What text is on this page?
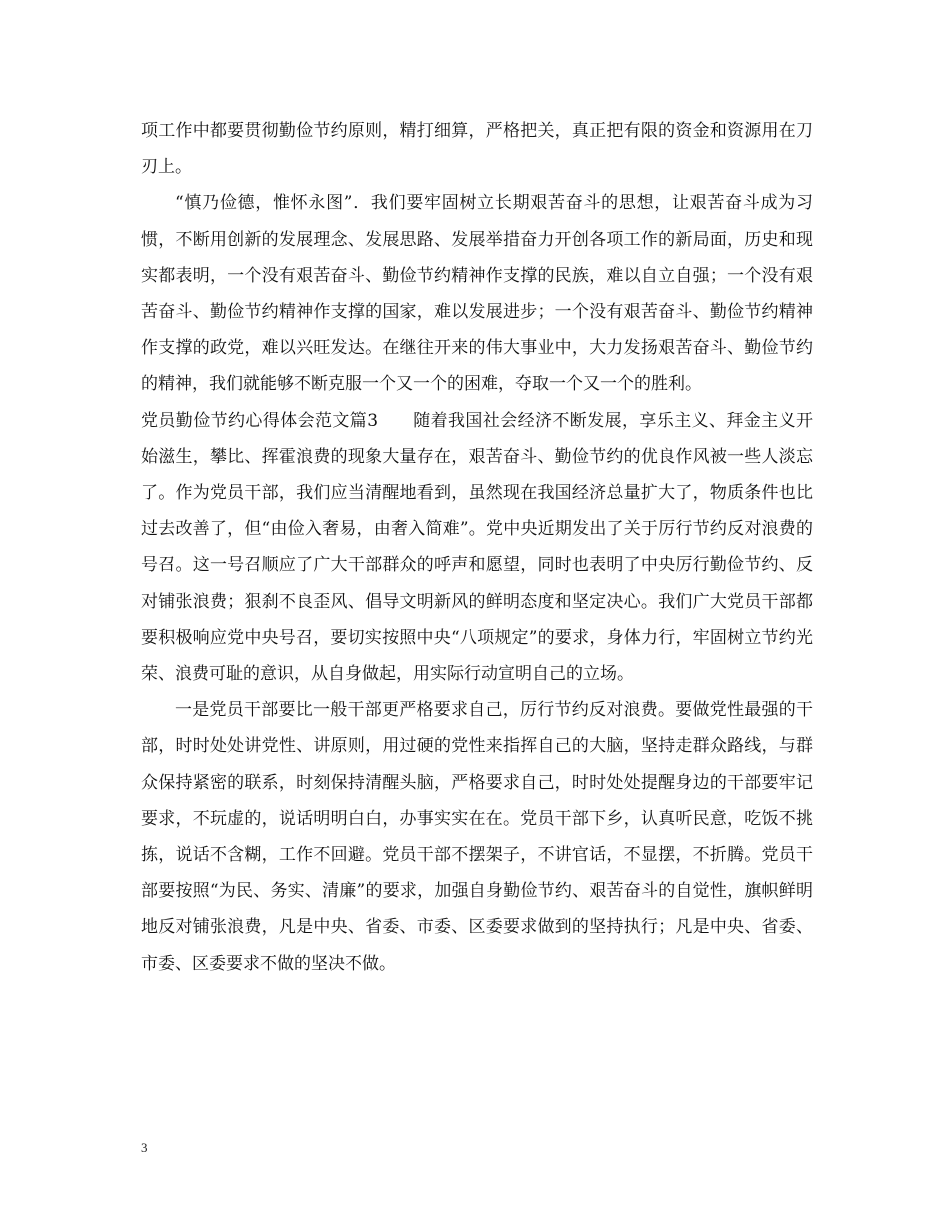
项工作中都要贯彻勤俭节约原则，精打细算，严格把关，真正把有限的资金和资源用在刀刃上。

“慎乃俭德，惟怀永图”．我们要牢固树立长期艰苦奋斗的思想，让艰苦奋斗成为习惯，不断用创新的发展理念、发展思路、发展举措奋力开创各项工作的新局面，历史和现实都表明，一个没有艰苦奋斗、勤俭节约精神作支撑的民族，难以自立自强；一个没有艰苦奋斗、勤俭节约精神作支撑的国家，难以发展进步；一个没有艰苦奋斗、勤俭节约精神作支撑的政党，难以兴旺发达。在继往开来的伟大事业中，大力发扬艰苦奋斗、勤俭节约的精神，我们就能够不断克服一个又一个的困难，夺取一个又一个的胜利。

党员勤俭节约心得体会范文篇3　　随着我国社会经济不断发展，享乐主义、拜金主义开始滋生，攀比、挥霍浪费的现象大量存在，艰苦奋斗、勤俭节约的优良作风被一些人淡忘了。作为党员干部，我们应当清醒地看到，虽然现在我国经济总量扩大了，物质条件也比过去改善了，但“由俭入奢易，由奢入简难”。党中央近期发出了关于厉行节约反对浪费的号召。这一号召顺应了广大干部群众的呼声和愿望，同时也表明了中央厉行勤俭节约、反对铺张浪费；狠刹不良歪风、倡导文明新风的鲜明态度和坚定决心。我们广大党员干部都要积极响应党中央号召，要切实按照中央“八项规定”的要求，身体力行，牢固树立节约光荣、浪费可耻的意识，从自身做起，用实际行动宣明自己的立场。

一是党员干部要比一般干部更严格要求自己，厉行节约反对浪费。要做党性最强的干部，时时处处讲党性、讲原则，用过硬的党性来指挥自己的大脑，坚持走群众路线，与群众保持紧密的联系，时刻保持清醒头脑，严格要求自己，时时处处提醒身边的干部要牢记要求，不玩虚的，说话明明白白，办事实实在在。党员干部下乡，认真听民意，吃饭不挑拣，说话不含糊，工作不回避。党员干部不摆架子，不讲官话，不显摆，不折腾。党员干部要按照“为民、务实、清廉”的要求，加强自身勤俭节约、艰苦奋斗的自觉性，旗帜鲜明地反对铺张浪费，凡是中央、省委、市委、区委要求做到的坚持执行；凡是中央、省委、市委、区委要求不做的坚决不做。

3
